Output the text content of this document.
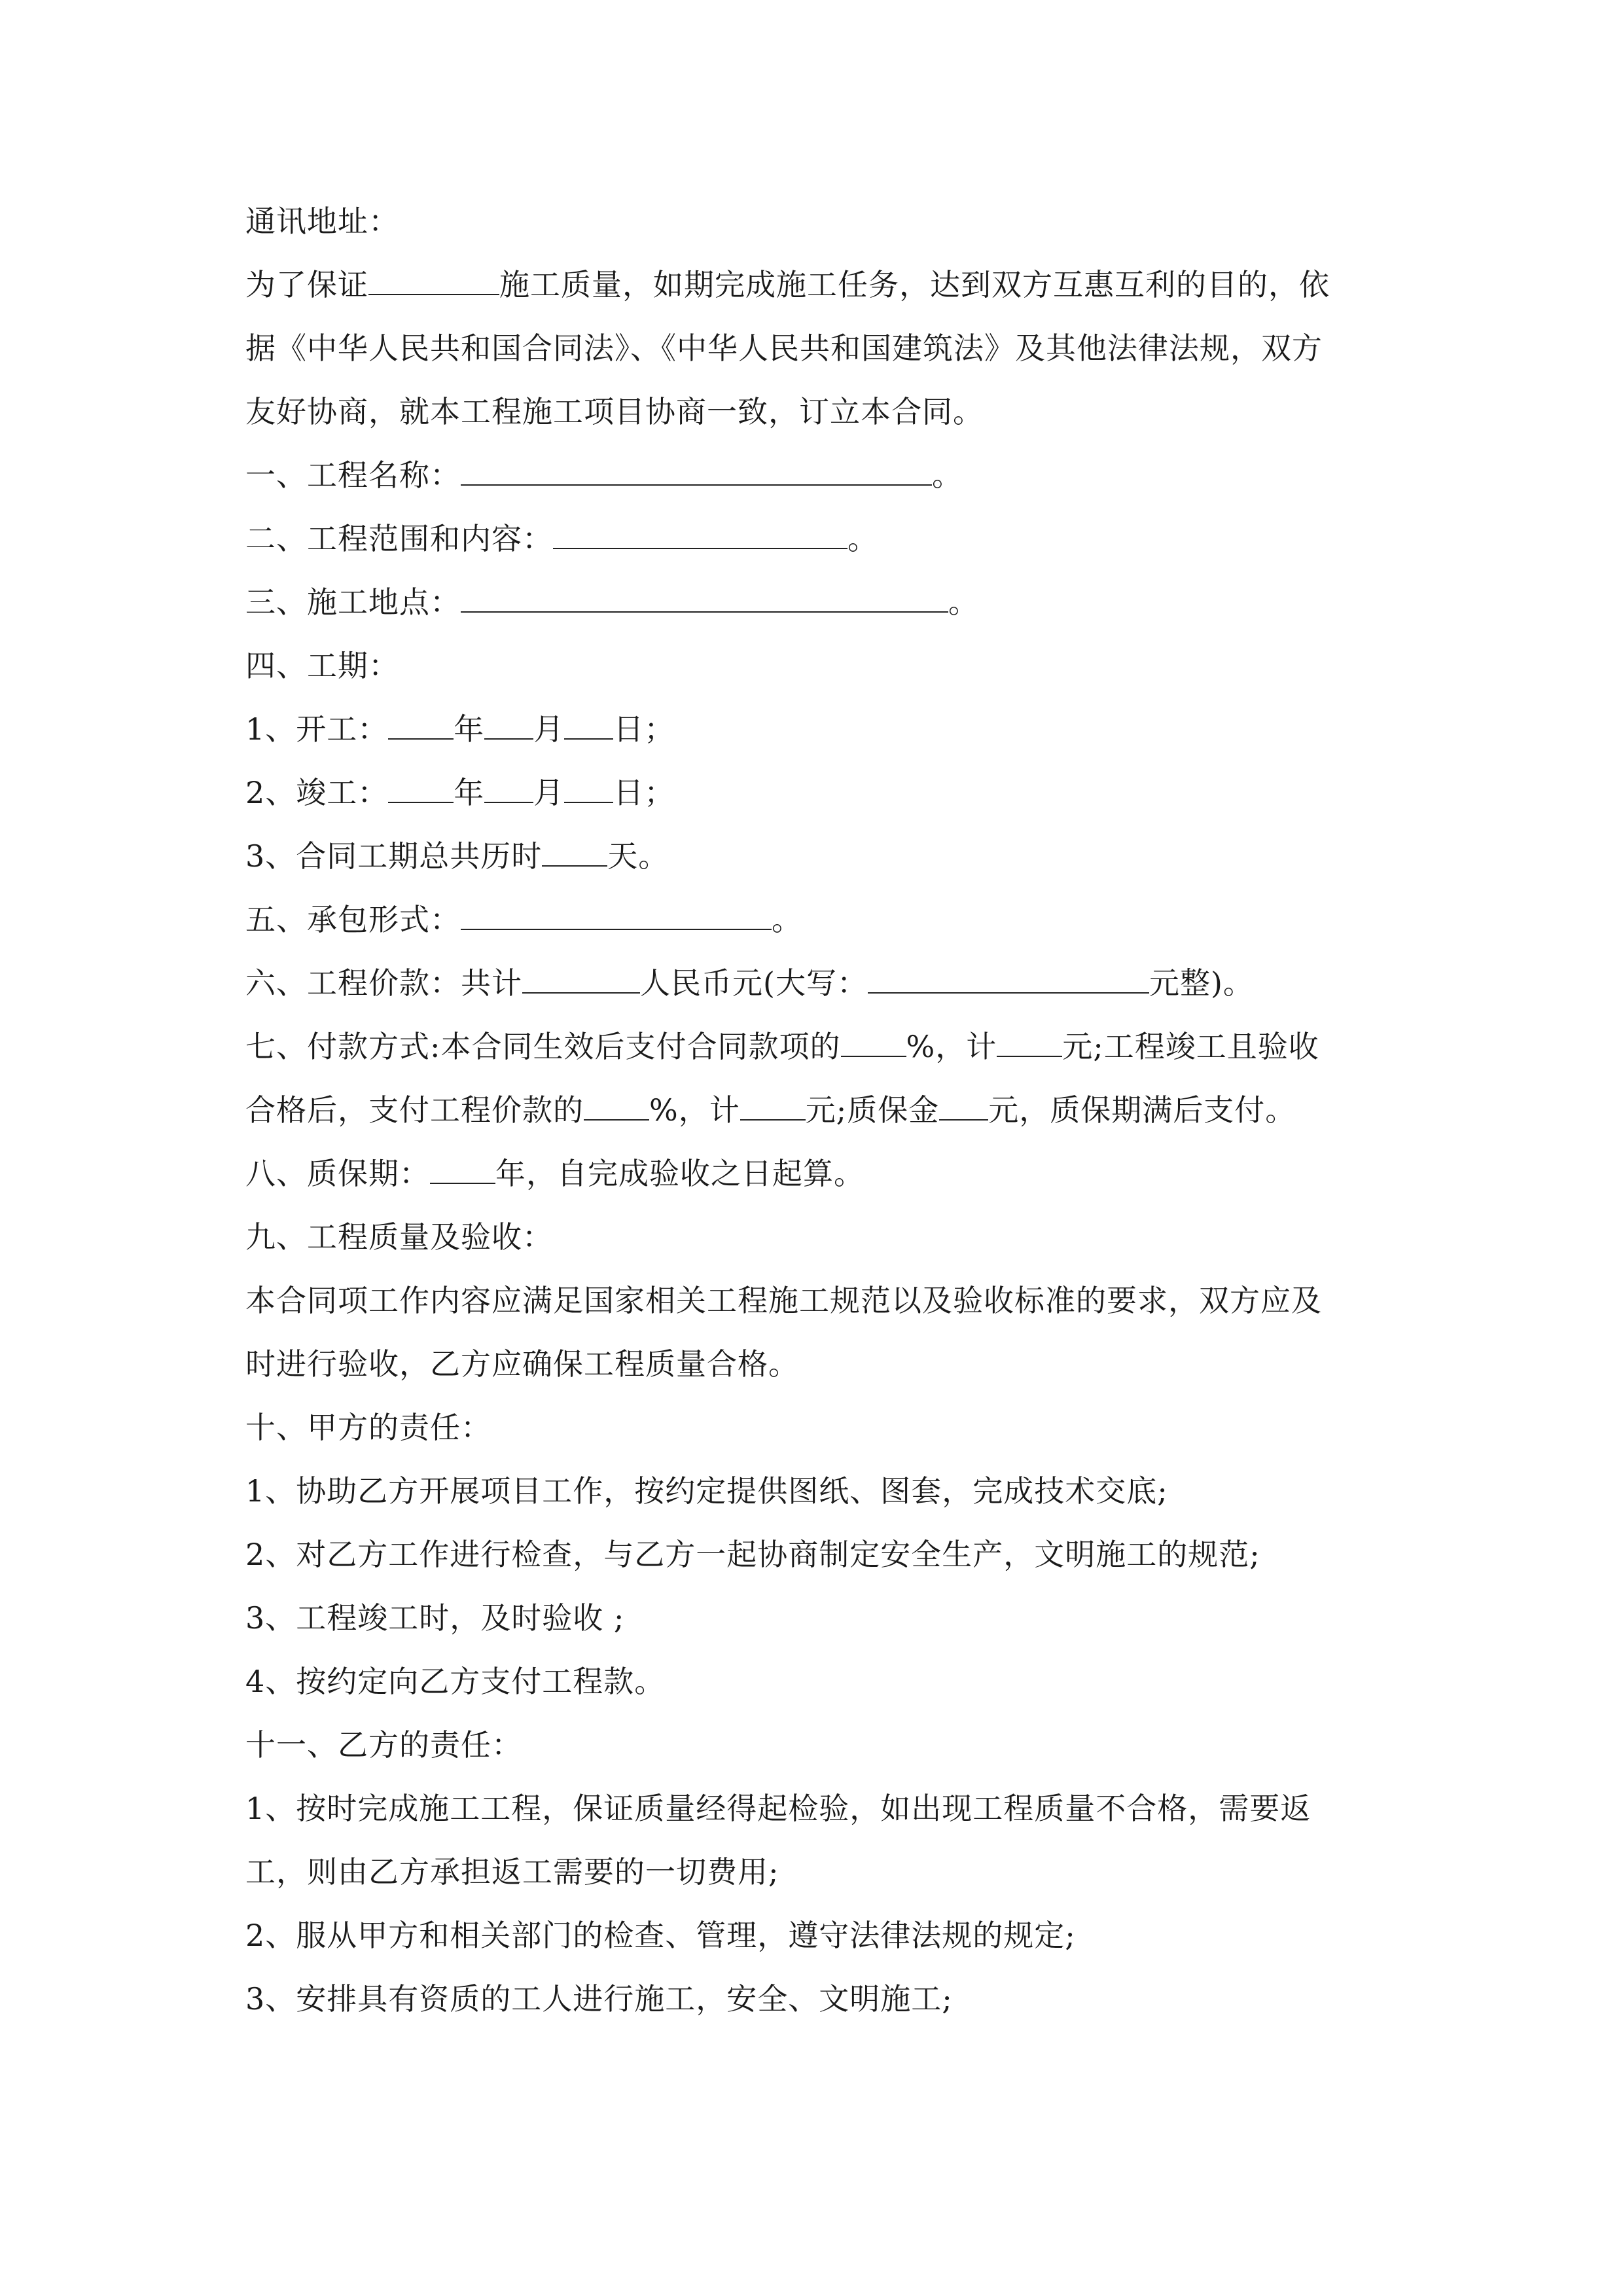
通讯地址：
为了保证	施工质量，如期完成施工任务，达到双方互惠互利的目的，依
据《中华人民共和国合同法》、《中华人民共和国建筑法》及其他法律法规，双方
友好协商，就本工程施工项目协商一致，订立本合同。
一、工程名称：	。
二、工程范围和内容：	。
三、施工地点：	。
四、工期：
1、开工： 年 月 日；
2、竣工： 年 月 日；
3、合同工期总共历时 天。
五、承包形式：	。
六、工程价款：共计	人民币元(大写：	元整)。
七、付款方式:本合同生效后支付合同款项的 %，计 元;工程竣工且验收
合格后，支付工程价款的 %，计 元;质保金 元，质保期满后支付。
八、质保期： 年，自完成验收之日起算。
九、工程质量及验收：
本合同项工作内容应满足国家相关工程施工规范以及验收标准的要求，双方应及
时进行验收，乙方应确保工程质量合格。
十、甲方的责任：
1、协助乙方开展项目工作，按约定提供图纸、图套，完成技术交底;
2、对乙方工作进行检查，与乙方一起协商制定安全生产，文明施工的规范;
3、工程竣工时，及时验收 ;
4、按约定向乙方支付工程款。
十一、乙方的责任：
1、按时完成施工工程，保证质量经得起检验，如出现工程质量不合格，需要返
工，则由乙方承担返工需要的一切费用;
2、服从甲方和相关部门的检查、管理，遵守法律法规的规定;
3、安排具有资质的工人进行施工，安全、文明施工;
